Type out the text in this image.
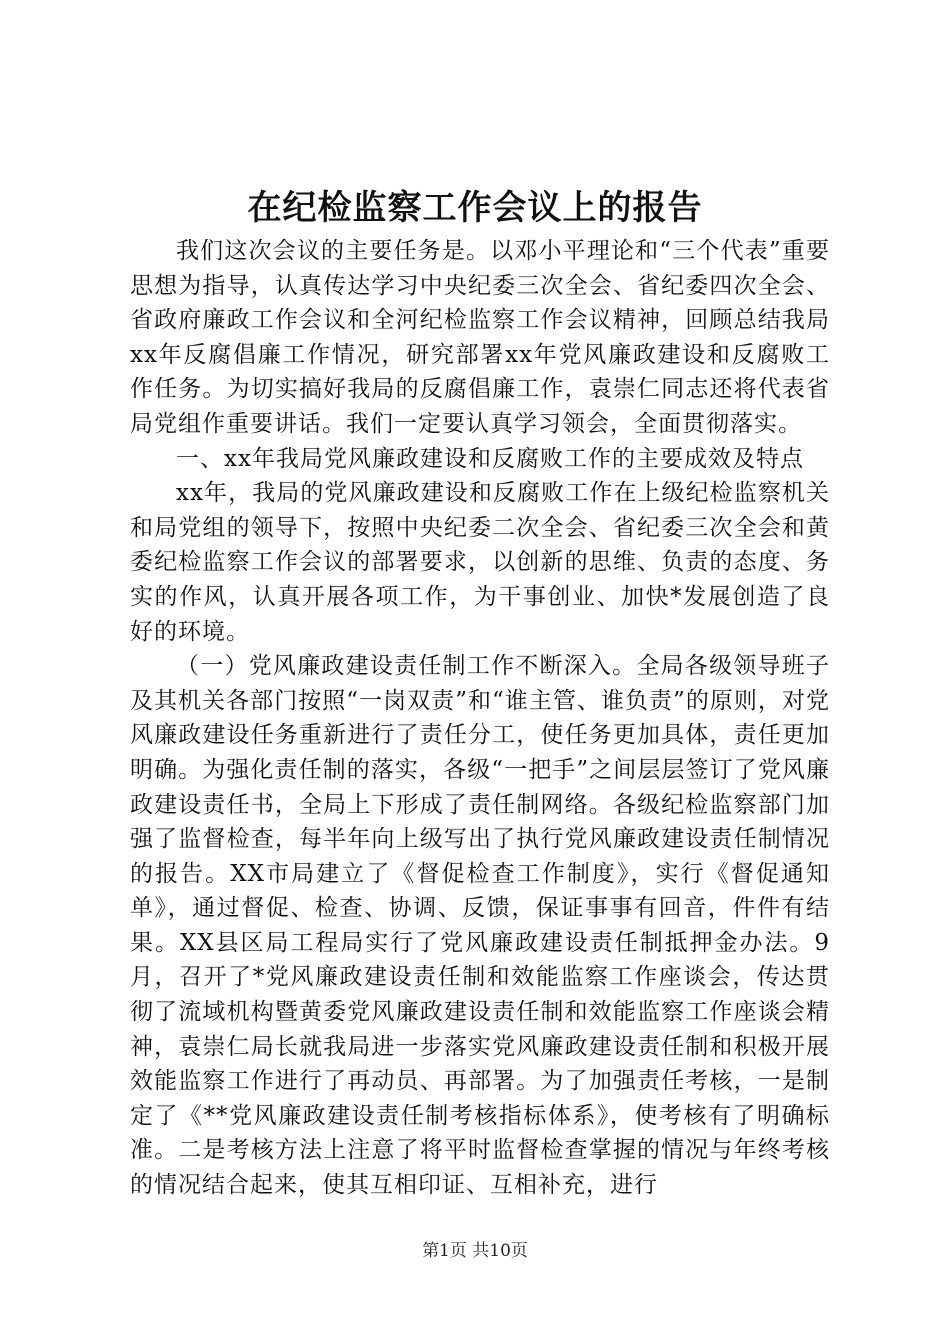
在纪检监察工作会议上的报告

我们这次会议的主要任务是。以邓小平理论和“三个代表”重要思想为指导，认真传达学习中央纪委三次全会、省纪委四次全会、省政府廉政工作会议和全河纪检监察工作会议精神，回顾总结我局xx年反腐倡廉工作情况，研究部署xx年党风廉政建设和反腐败工作任务。为切实搞好我局的反腐倡廉工作，袁崇仁同志还将代表省局党组作重要讲话。我们一定要认真学习领会，全面贯彻落实。

一、xx年我局党风廉政建设和反腐败工作的主要成效及特点

xx年，我局的党风廉政建设和反腐败工作在上级纪检监察机关和局党组的领导下，按照中央纪委二次全会、省纪委三次全会和黄委纪检监察工作会议的部署要求，以创新的思维、负责的态度、务实的作风，认真开展各项工作，为干事创业、加快*发展创造了良好的环境。

（一）党风廉政建设责任制工作不断深入。全局各级领导班子及其机关各部门按照“一岗双责”和“谁主管、谁负责”的原则，对党风廉政建设任务重新进行了责任分工，使任务更加具体，责任更加明确。为强化责任制的落实，各级“一把手”之间层层签订了党风廉政建设责任书，全局上下形成了责任制网络。各级纪检监察部门加强了监督检查，每半年向上级写出了执行党风廉政建设责任制情况的报告。XX市局建立了《督促检查工作制度》，实行《督促通知单》，通过督促、检查、协调、反馈，保证事事有回音，件件有结果。XX县区局工程局实行了党风廉政建设责任制抵押金办法。9月，召开了*党风廉政建设责任制和效能监察工作座谈会，传达贯彻了流域机构暨黄委党风廉政建设责任制和效能监察工作座谈会精神，袁崇仁局长就我局进一步落实党风廉政建设责任制和积极开展效能监察工作进行了再动员、再部署。为了加强责任考核，一是制定了《**党风廉政建设责任制考核指标体系》，使考核有了明确标准。二是考核方法上注意了将平时监督检查掌握的情况与年终考核的情况结合起来，使其互相印证、互相补充，进行

第1页 共10页
